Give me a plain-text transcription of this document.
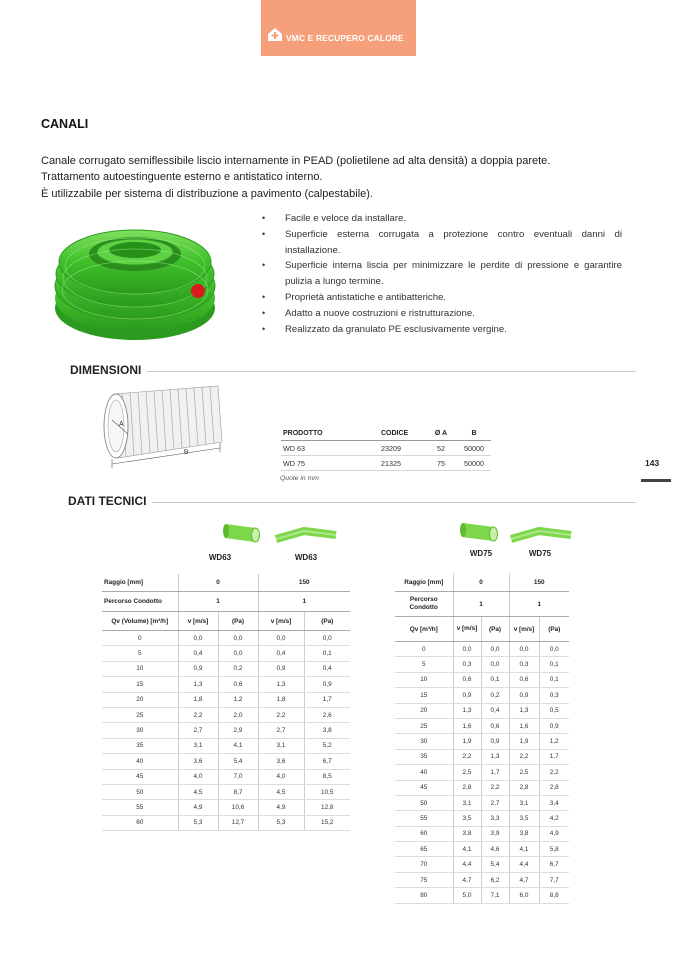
VMC E RECUPERO CALORE
CANALI
Canale corrugato semiflessibile liscio internamente in PEAD (polietilene ad alta densità) a doppia parete.
Trattamento autoestinguente esterno e antistatico interno.
È utilizzabile per sistema di distribuzione a pavimento (calpestabile).
• Facile e veloce da installare.
• Superficie esterna corrugata a protezione contro eventuali danni di installazione.
• Superficie interna liscia per minimizzare le perdite di pressione e garantire pulizia a lungo termine.
• Proprietà antistatiche e antibatteriche.
• Adatto a nuove costruzioni e ristrutturazione.
• Realizzato da granulato PE esclusivamente vergine.
DIMENSIONI
A
B
PRODOTTO	CODICE	Ø A	B
WD 63	23209	52	50000
WD 75	21325	75	50000
Quote in mm
143
DATI TECNICI
WD63	WD63	WD75	WD75
Raggio [mm]	0		150	
Percorso Condotto	1		1	
Qv (Volume) [m³/h]	v [m/s]	(Pa)	v [m/s]	(Pa)
0	0,0	0,0	0,0	0,0
5	0,4	0,0	0,4	0,1
10	0,9	0,2	0,9	0,4
15	1,3	0,6	1,3	0,9
20	1,8	1,2	1,8	1,7
25	2,2	2,0	2,2	2,6
30	2,7	2,9	2,7	3,8
35	3,1	4,1	3,1	5,2
40	3,6	5,4	3,6	6,7
45	4,0	7,0	4,0	8,5
50	4,5	8,7	4,5	10,5
55	4,9	10,6	4,9	12,8
60	5,3	12,7	5,3	15,2
Raggio [mm]	0		150	
Percorso Condotto	1		1	
Qv [m³/h]	v [m/s]	(Pa)	v [m/s]	(Pa)
0	0,0	0,0	0,0	0,0
5	0,3	0,0	0,3	0,1
10	0,6	0,1	0,6	0,1
15	0,9	0,2	0,9	0,3
20	1,3	0,4	1,3	0,5
25	1,6	0,6	1,6	0,9
30	1,9	0,9	1,9	1,2
35	2,2	1,3	2,2	1,7
40	2,5	1,7	2,5	2,2
45	2,8	2,2	2,8	2,8
50	3,1	2,7	3,1	3,4
55	3,5	3,3	3,5	4,2
60	3,8	3,9	3,8	4,9
65	4,1	4,6	4,1	5,8
70	4,4	5,4	4,4	6,7
75	4,7	6,2	4,7	7,7
80	5,0	7,1	6,0	8,8
